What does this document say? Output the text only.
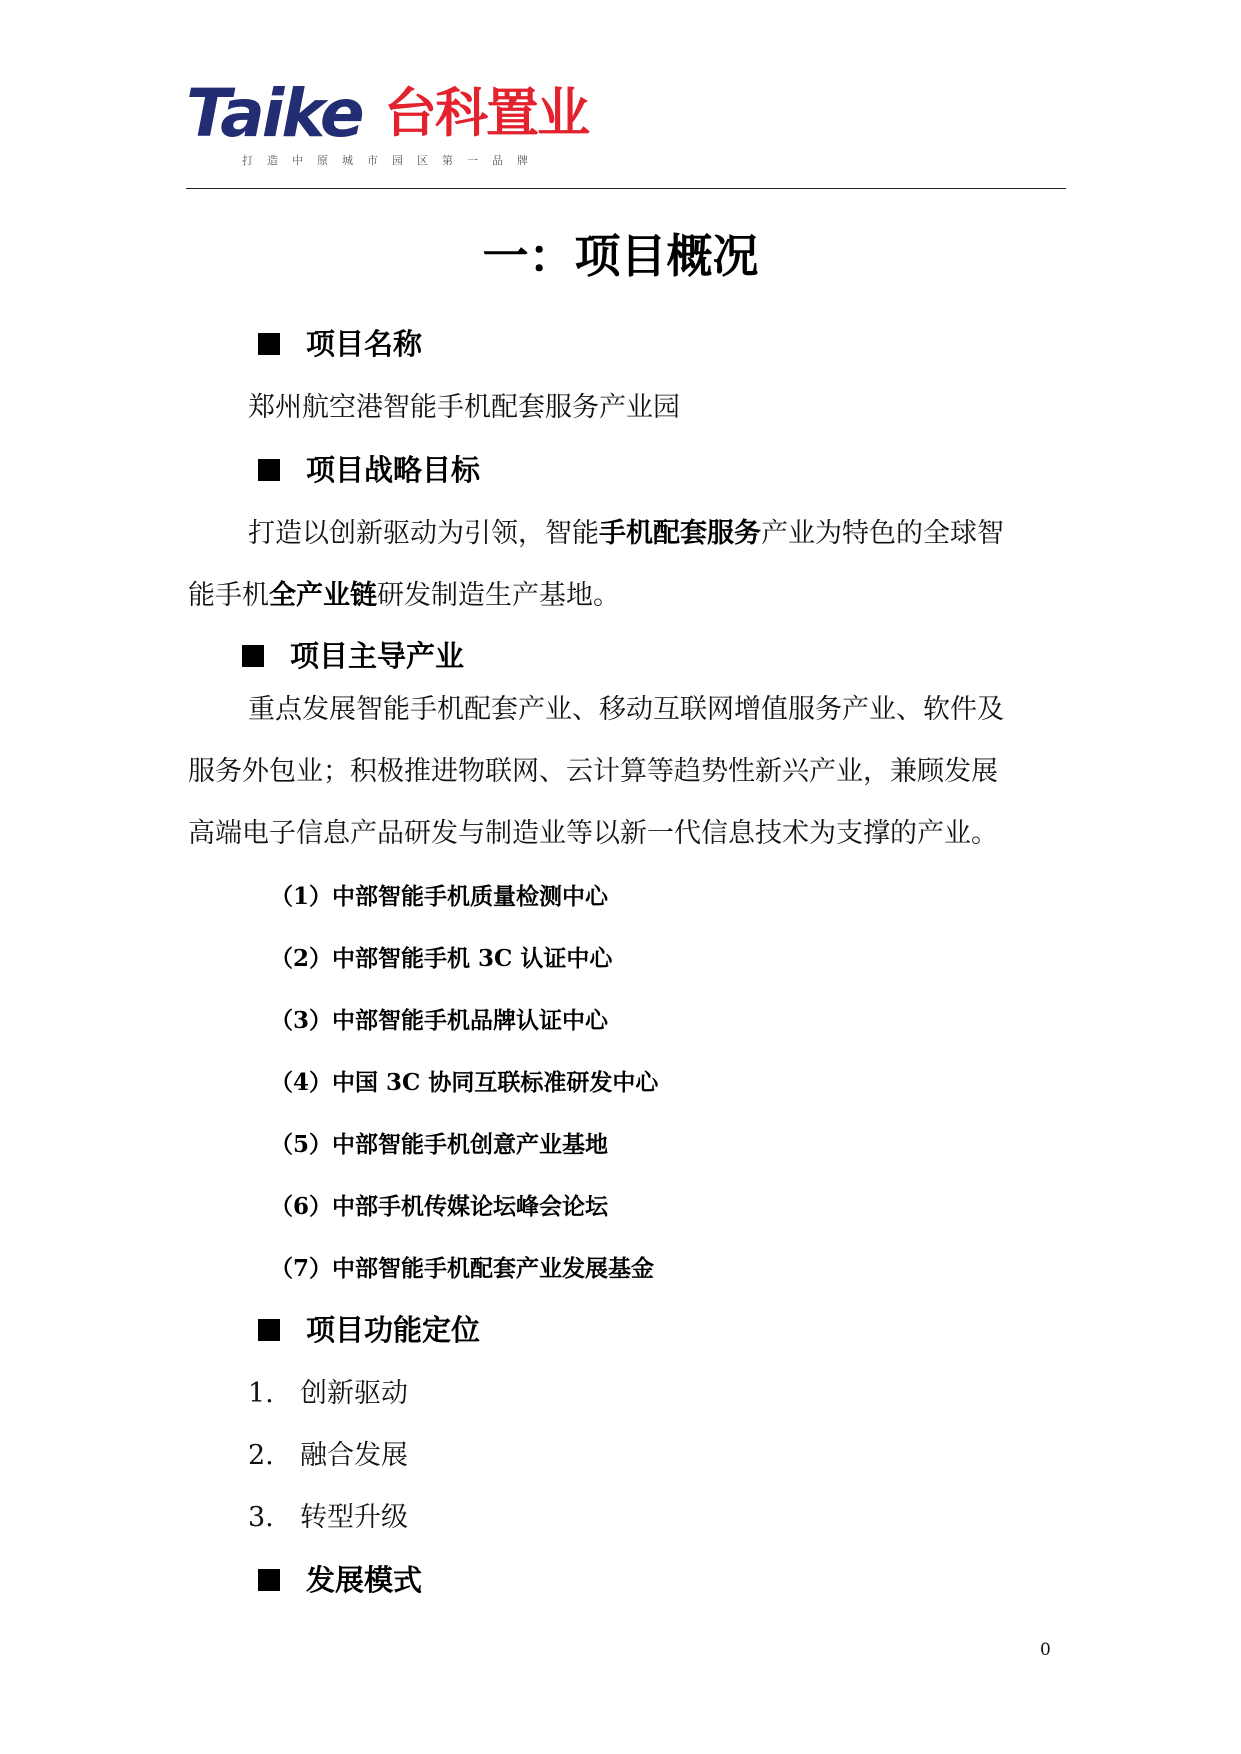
Taike 台科置业
打造中原城市园区第一品牌
一：项目概况
项目名称
郑州航空港智能手机配套服务产业园
项目战略目标
打造以创新驱动为引领，智能手机配套服务产业为特色的全球智
能手机全产业链研发制造生产基地。
项目主导产业
重点发展智能手机配套产业、移动互联网增值服务产业、软件及
服务外包业；积极推进物联网、云计算等趋势性新兴产业，兼顾发展
高端电子信息产品研发与制造业等以新一代信息技术为支撑的产业。
（1）中部智能手机质量检测中心
（2）中部智能手机 3C 认证中心
（3）中部智能手机品牌认证中心
（4）中国 3C 协同互联标准研发中心
（5）中部智能手机创意产业基地
（6）中部手机传媒论坛峰会论坛
（7）中部智能手机配套产业发展基金
项目功能定位
1. 创新驱动
2. 融合发展
3. 转型升级
发展模式
0
